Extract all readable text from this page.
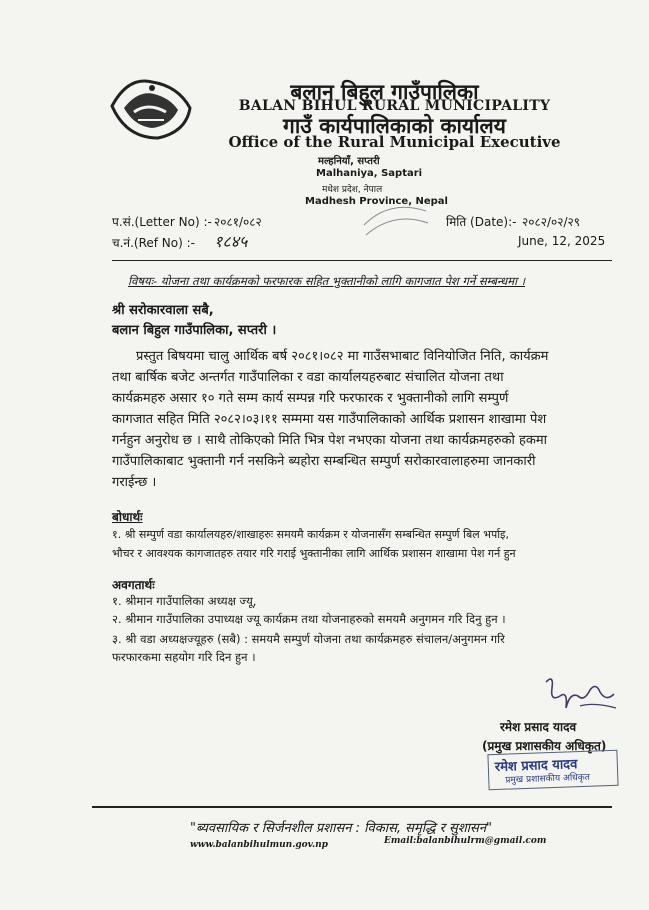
बलान बिहुल गाउँपालिका
BALAN BIHUL RURAL MUNICIPALITY
गाउँ कार्यपालिकाको कार्यालय
Office of the Rural Municipal Executive
मल्हनियाँ, सप्तरी
Malhaniya, Saptari
मधेश प्रदेश, नेपाल
Madhesh Province, Nepal
प.सं.(Letter No) :- २०८१/०८२
च.नं.(Ref No) :- १८४५
मिति (Date):- २०८२/०२/२९
June, 12, 2025
विषयः- योजना तथा कार्यक्रमको फरफारक सहित भुक्तानीको लागि कागजात पेश गर्ने सम्बन्धमा ।
श्री सरोकारवाला सबै,
बलान बिहुल गाउँपालिका, सप्तरी ।
प्रस्तुत बिषयमा चालु आर्थिक बर्ष २०८१।०८२ मा गाउँसभाबाट विनियोजित निति, कार्यक्रम
तथा बार्षिक बजेट अन्तर्गत गाउँपालिका र वडा कार्यालयहरुबाट संचालित योजना तथा
कार्यक्रमहरु असार १० गते सम्म कार्य सम्पन्न गरि फरफारक र भुक्तानीको लागि सम्पुर्ण
कागजात सहित मिति २०८२।०३।११ सम्ममा यस गाउँपालिकाको आर्थिक प्रशासन शाखामा पेश
गर्नहुन अनुरोध छ । साथै तोकिएको मिति भित्र पेश नभएका योजना तथा कार्यक्रमहरुको हकमा
गाउँपालिकाबाट भुक्तानी गर्न नसकिने ब्यहोरा सम्बन्धित सम्पुर्ण सरोकारवालाहरुमा जानकारी
गराईन्छ ।
बोधार्थः
१. श्री सम्पुर्ण वडा कार्यालयहरु/शाखाहरुः समयमै कार्यक्रम र योजनासँग सम्बन्धित सम्पुर्ण बिल भर्पाइ,
भौचर र आवश्यक कागजातहरु तयार गरि गराई भुक्तानीका लागि आर्थिक प्रशासन शाखामा पेश गर्न हुन
अवगतार्थः
१. श्रीमान गाउँपालिका अध्यक्ष ज्यू,
२. श्रीमान गाउँपालिका उपाध्यक्ष ज्यू कार्यक्रम तथा योजनाहरुको समयमै अनुगमन गरि दिनु हुन ।
३. श्री वडा अध्यक्षज्यूहरु (सबै) : समयमै सम्पुर्ण योजना तथा कार्यक्रमहरु संचालन/अनुगमन गरि
फरफारकमा सहयोग गरि दिन हुन ।
रमेश प्रसाद यादव
(प्रमुख प्रशासकीय अधिकृत)
रमेश प्रसाद यादव
प्रमुख प्रशासकीय अधिकृत
"ब्यवसायिक र सिर्जनशील प्रशासन : विकास, समृद्धि र सुशासन"
www.balanbihulmun.gov.np	Email:balanbihulrm@gmail.com
